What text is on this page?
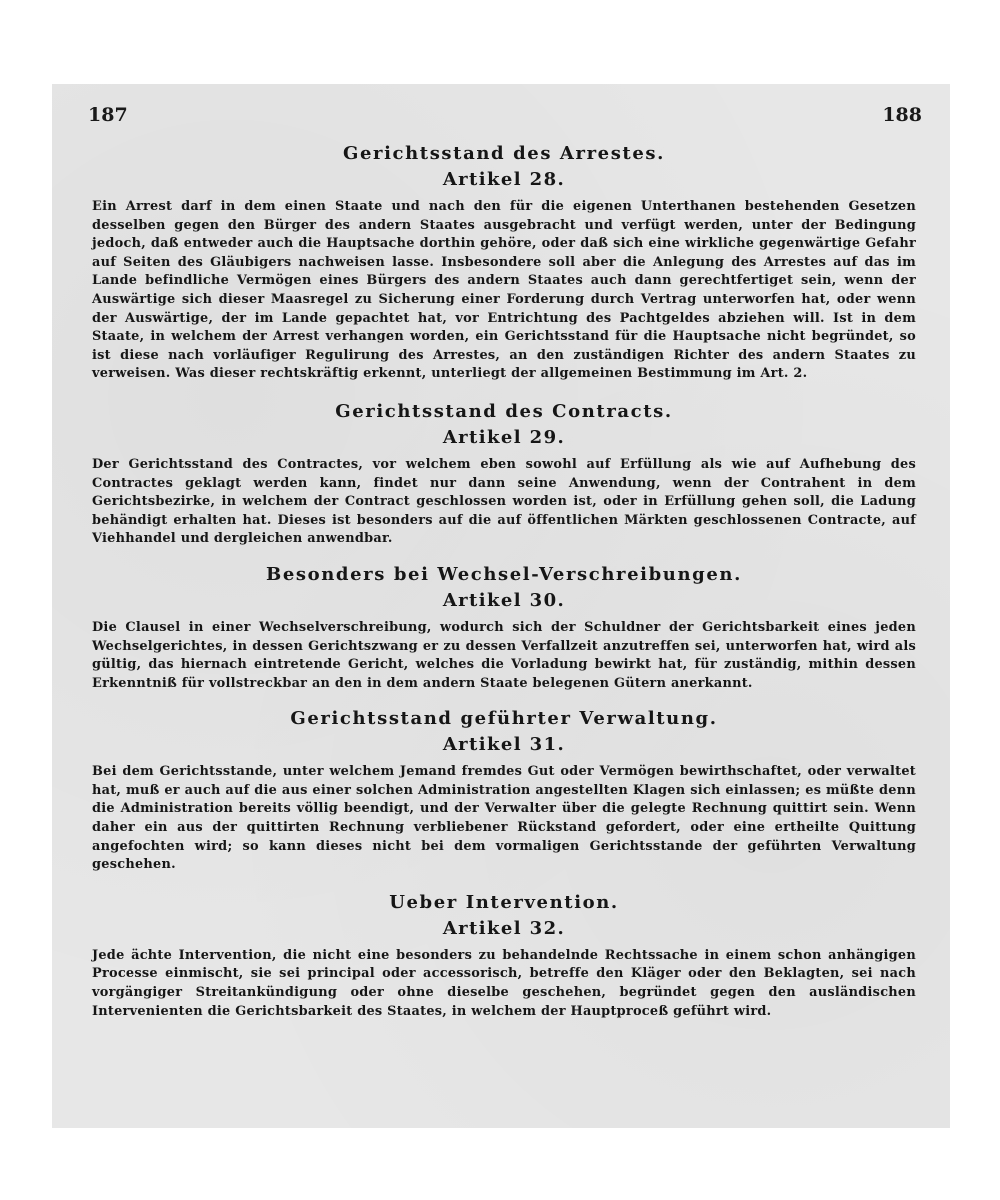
187	188
Gerichtsstand des Arrestes.
Artikel 28.

Ein Arrest darf in dem einen Staate und nach den für die eigenen Unterthanen bestehenden Gesetzen desselben gegen den Bürger des andern Staates ausgebracht und verfügt werden, unter der Bedingung jedoch, daß entweder auch die Hauptsache dorthin gehöre, oder daß sich eine wirkliche gegenwärtige Gefahr auf Seiten des Gläubigers nachweisen lasse. Insbesondere soll aber die Anlegung des Arrestes auf das im Lande befindliche Vermögen eines Bürgers des andern Staates auch dann gerechtfertiget sein, wenn der Auswärtige sich dieser Maasregel zu Sicherung einer Forderung durch Vertrag unterworfen hat, oder wenn der Auswärtige, der im Lande gepachtet hat, vor Entrichtung des Pachtgeldes abziehen will. Ist in dem Staate, in welchem der Arrest verhangen worden, ein Gerichtsstand für die Hauptsache nicht begründet, so ist diese nach vorläufiger Regulirung des Arrestes, an den zuständigen Richter des andern Staates zu verweisen. Was dieser rechtskräftig erkennt, unterliegt der allgemeinen Bestimmung im Art. 2.

Gerichtsstand des Contracts.
Artikel 29.

Der Gerichtsstand des Contractes, vor welchem eben sowohl auf Erfüllung als wie auf Aufhebung des Contractes geklagt werden kann, findet nur dann seine Anwendung, wenn der Contrahent in dem Gerichtsbezirke, in welchem der Contract geschlossen worden ist, oder in Erfüllung gehen soll, die Ladung behändigt erhalten hat. Dieses ist besonders auf die auf öffentlichen Märkten geschlossenen Contracte, auf Viehhandel und dergleichen anwendbar.

Besonders bei Wechsel-Verschreibungen.
Artikel 30.

Die Clausel in einer Wechselverschreibung, wodurch sich der Schuldner der Gerichtsbarkeit eines jeden Wechselgerichtes, in dessen Gerichtszwang er zu dessen Verfallzeit anzutreffen sei, unterworfen hat, wird als gültig, das hiernach eintretende Gericht, welches die Vorladung bewirkt hat, für zuständig, mithin dessen Erkenntniß für vollstreckbar an den in dem andern Staate belegenen Gütern anerkannt.

Gerichtsstand geführter Verwaltung.
Artikel 31.

Bei dem Gerichtsstande, unter welchem Jemand fremdes Gut oder Vermögen bewirthschaftet, oder verwaltet hat, muß er auch auf die aus einer solchen Administration angestellten Klagen sich einlassen; es müßte denn die Administration bereits völlig beendigt, und der Verwalter über die gelegte Rechnung quittirt sein. Wenn daher ein aus der quittirten Rechnung verbliebener Rückstand gefordert, oder eine ertheilte Quittung angefochten wird; so kann dieses nicht bei dem vormaligen Gerichtsstande der geführten Verwaltung geschehen.

Ueber Intervention.
Artikel 32.

Jede ächte Intervention, die nicht eine besonders zu behandelnde Rechtssache in einem schon anhängigen Processe einmischt, sie sei principal oder accessorisch, betreffe den Kläger oder den Beklagten, sei nach vorgängiger Streitankündigung oder ohne dieselbe geschehen, begründet gegen den ausländischen Intervenienten die Gerichtsbarkeit des Staates, in welchem der Hauptproceß geführt wird.
